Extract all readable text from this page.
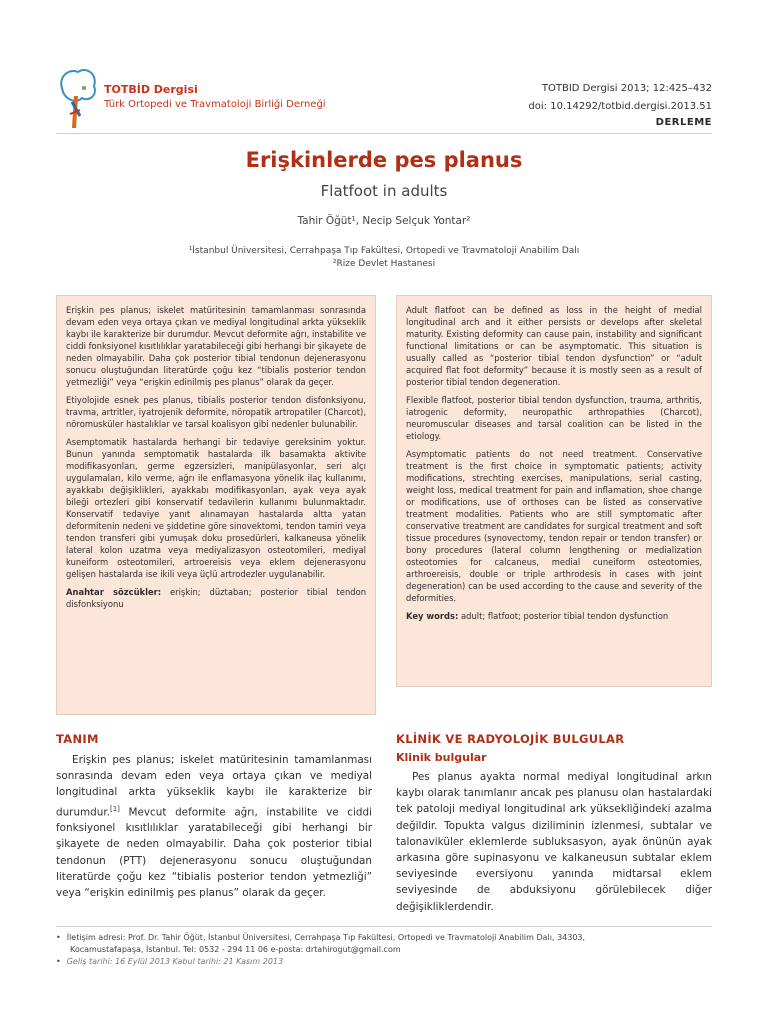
TOTBİD Dergisi
Türk Ortopedi ve Travmatoloji Birliği Derneği
TOTBID Dergisi 2013; 12:425–432
doi: 10.14292/totbid.dergisi.2013.51
DERLEME
Erişkinlerde pes planus
Flatfoot in adults
Tahir Öğüt¹, Necip Selçuk Yontar²
¹İstanbul Üniversitesi, Cerrahpaşa Tıp Fakültesi, Ortopedi ve Travmatoloji Anabilim Dalı
²Rize Devlet Hastanesi

Erişkin pes planus; iskelet matüritesinin tamamlanması sonrasında devam eden veya ortaya çıkan ve mediyal longitudinal arkta yükseklik kaybı ile karakterize bir durumdur. Mevcut deformite ağrı, instabilite ve ciddi fonksiyonel kısıtlılıklar yaratabileceği gibi herhangi bir şikayete de neden olmayabilir. Daha çok posterior tibial tendonun dejenerasyonu sonucu oluştuğundan literatürde çoğu kez “tibialis posterior tendon yetmezliği” veya “erişkin edinilmiş pes planus” olarak da geçer.

Etiyolojide esnek pes planus, tibialis posterior tendon disfonksiyonu, travma, artritler, iyatrojenik deformite, nöropatik artropatiler (Charcot), nöromusküler hastalıklar ve tarsal koalisyon gibi nedenler bulunabilir.

Asemptomatik hastalarda herhangi bir tedaviye gereksinim yoktur. Bunun yanında semptomatik hastalarda ilk basamakta aktivite modifikasyonları, germe egzersizleri, manipülasyonlar, seri alçı uygulamaları, kilo verme, ağrı ile enflamasyona yönelik ilaç kullanımı, ayakkabı değişiklikleri, ayakkabı modifikasyonları, ayak veya ayak bileği ortezleri gibi konservatif tedavilerin kullanımı bulunmaktadır. Konservatif tedaviye yanıt alınamayan hastalarda altta yatan deformitenin nedeni ve şiddetine göre sinovektomi, tendon tamiri veya tendon transferi gibi yumuşak doku prosedürleri, kalkaneusa yönelik lateral kolon uzatma veya mediyalizasyon osteotomileri, mediyal kuneiform osteotomileri, artroereisis veya eklem dejenerasyonu gelişen hastalarda ise ikili veya üçlü artrodezler uygulanabilir.

Anahtar sözcükler: erişkin; düztaban; posterior tibial tendon disfonksiyonu

Adult flatfoot can be defined as loss in the height of medial longitudinal arch and it either persists or develops after skeletal maturity. Existing deformity can cause pain, instability and significant functional limitations or can be asymptomatic. This situation is usually called as “posterior tibial tendon dysfunction” or “adult acquired flat foot deformity” because it is mostly seen as a result of posterior tibial tendon degeneration.

Flexible flatfoot, posterior tibial tendon dysfunction, trauma, arthritis, iatrogenic deformity, neuropathic arthropathies (Charcot), neuromuscular diseases and tarsal coalition can be listed in the etiology.

Asymptomatic patients do not need treatment. Conservative treatment is the first choice in symptomatic patients; activity modifications, strechting exercises, manipulations, serial casting, weight loss, medical treatment for pain and inflamation, shoe change or modifications, use of orthoses can be listed as conservative treatment modalities. Patients who are still symptomatic after conservative treatment are candidates for surgical treatment and soft tissue procedures (synovectomy, tendon repair or tendon transfer) or bony procedures (lateral column lengthening or medialization osteotomies for calcaneus, medial cuneiform osteotomies, arthroereisis, double or triple arthrodesis in cases with joint degeneration) can be used according to the cause and severity of the deformities.

Key words: adult; flatfoot; posterior tibial tendon dysfunction
TANIM

Erişkin pes planus; iskelet matüritesinin tamamlanması sonrasında devam eden veya ortaya çıkan ve mediyal longitudinal arkta yükseklik kaybı ile karakterize bir durumdur.[1] Mevcut deformite ağrı, instabilite ve ciddi fonksiyonel kısıtlılıklar yaratabileceği gibi herhangi bir şikayete de neden olmayabilir. Daha çok posterior tibial tendonun (PTT) dejenerasyonu sonucu oluştuğundan literatürde çoğu kez “tibialis posterior tendon yetmezliği” veya “erişkin edinilmiş pes planus” olarak da geçer.

KLİNİK VE RADYOLOJİK BULGULAR
Klinik bulgular

Pes planus ayakta normal mediyal longitudinal arkın kaybı olarak tanımlanır ancak pes planusu olan hastalardaki tek patoloji mediyal longitudinal ark yüksekliğindeki azalma değildir. Topukta valgus diziliminin izlenmesi, subtalar ve talonaviküler eklemlerde subluksasyon, ayak önünün ayak arkasına göre supinasyonu ve kalkaneusun subtalar eklem seviyesinde eversiyonu yanında midtarsal eklem seviyesinde de abduksiyonu görülebilecek diğer değişikliklerdendir.

• İletişim adresi: Prof. Dr. Tahir Öğüt, İstanbul Üniversitesi, Cerrahpaşa Tıp Fakültesi, Ortopedi ve Travmatoloji Anabilim Dalı, 34303,
Kocamustafapaşa, İstanbul. Tel: 0532 - 294 11 06 e-posta: drtahirogut@gmail.com
• Geliş tarihi: 16 Eylül 2013 Kabul tarihi: 21 Kasım 2013
